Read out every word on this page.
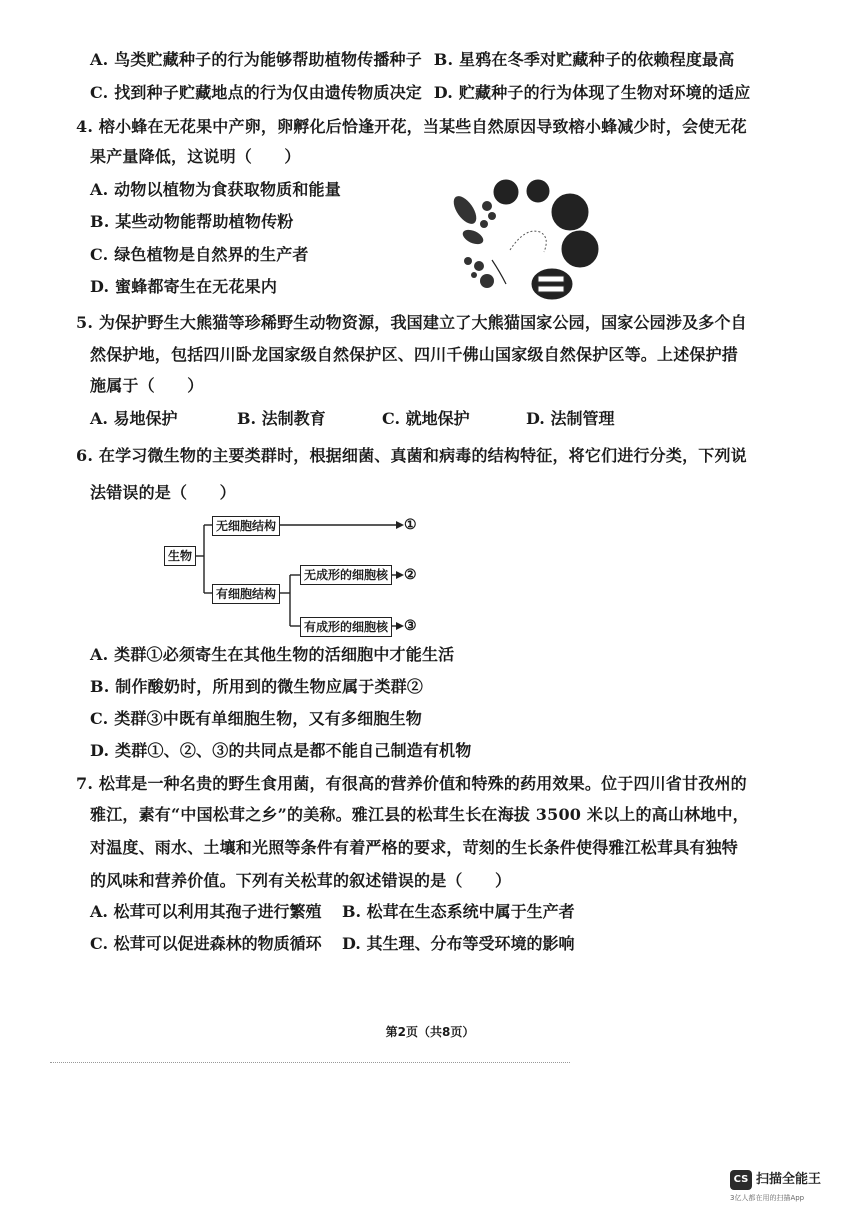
A. 鸟类贮藏种子的行为能够帮助植物传播种子 B. 星鸦在冬季对贮藏种子的依赖程度最高
C. 找到种子贮藏地点的行为仅由遗传物质决定 D. 贮藏种子的行为体现了生物对环境的适应
4. 榕小蜂在无花果中产卵，卵孵化后恰逢开花，当某些自然原因导致榕小蜂减少时，会使无花
果产量降低，这说明（　　）
A. 动物以植物为食获取物质和能量
B. 某些动物能帮助植物传粉
C. 绿色植物是自然界的生产者
D. 蜜蜂都寄生在无花果内
5. 为保护野生大熊猫等珍稀野生动物资源，我国建立了大熊猫国家公园，国家公园涉及多个自
然保护地，包括四川卧龙国家级自然保护区、四川千佛山国家级自然保护区等。上述保护措
施属于（　　）
A. 易地保护	B. 法制教育	C. 就地保护	D. 法制管理
6. 在学习微生物的主要类群时，根据细菌、真菌和病毒的结构特征，将它们进行分类，下列说
法错误的是（　　）
生物
无细胞结构
有细胞结构
无成形的细胞核
有成形的细胞核
①
②
③
A. 类群①必须寄生在其他生物的活细胞中才能生活
B. 制作酸奶时，所用到的微生物应属于类群②
C. 类群③中既有单细胞生物，又有多细胞生物
D. 类群①、②、③的共同点是都不能自己制造有机物
7. 松茸是一种名贵的野生食用菌，有很高的营养价值和特殊的药用效果。位于四川省甘孜州的
雅江，素有“中国松茸之乡”的美称。雅江县的松茸生长在海拔 3500 米以上的高山林地中，
对温度、雨水、土壤和光照等条件有着严格的要求，苛刻的生长条件使得雅江松茸具有独特
的风味和营养价值。下列有关松茸的叙述错误的是（　　）
A. 松茸可以利用其孢子进行繁殖 B. 松茸在生态系统中属于生产者
C. 松茸可以促进森林的物质循环 D. 其生理、分布等受环境的影响
第2页（共8页）
CS 扫描全能王
3亿人都在用的扫描App
